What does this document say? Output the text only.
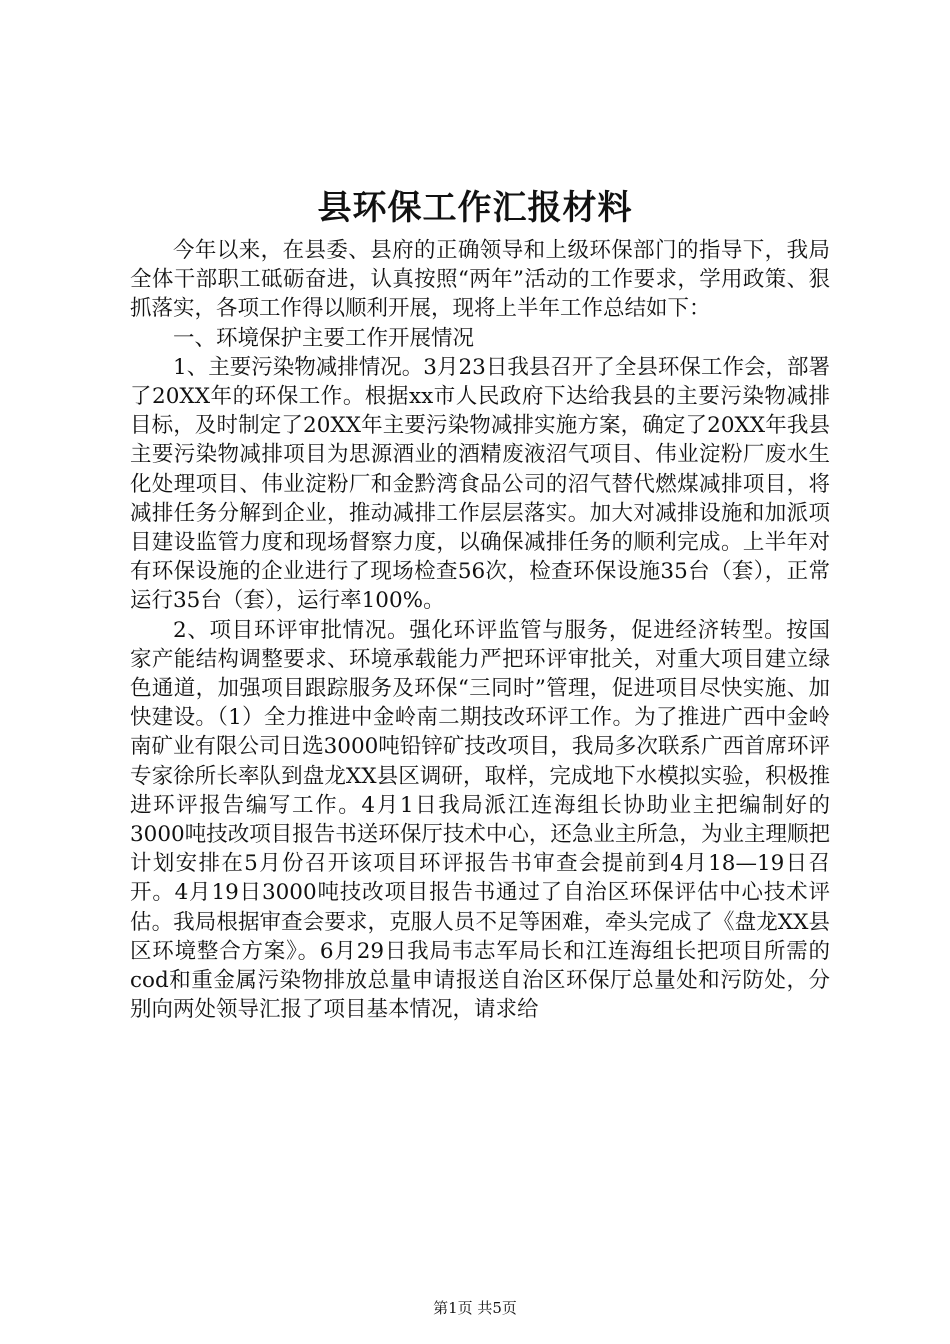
县环保工作汇报材料

今年以来，在县委、县府的正确领导和上级环保部门的指导下，我局全体干部职工砥砺奋进，认真按照“两年”活动的工作要求，学用政策、狠抓落实，各项工作得以顺利开展，现将上半年工作总结如下：

一、环境保护主要工作开展情况

1、主要污染物减排情况。3月23日我县召开了全县环保工作会，部署了20XX年的环保工作。根据xx市人民政府下达给我县的主要污染物减排目标，及时制定了20XX年主要污染物减排实施方案，确定了20XX年我县主要污染物减排项目为思源酒业的酒精废液沼气项目、伟业淀粉厂废水生化处理项目、伟业淀粉厂和金黔湾食品公司的沼气替代燃煤减排项目，将减排任务分解到企业，推动减排工作层层落实。加大对减排设施和加派项目建设监管力度和现场督察力度，以确保减排任务的顺利完成。上半年对有环保设施的企业进行了现场检查56次，检查环保设施35台（套），正常运行35台（套），运行率100%。

2、项目环评审批情况。强化环评监管与服务，促进经济转型。按国家产能结构调整要求、环境承载能力严把环评审批关，对重大项目建立绿色通道，加强项目跟踪服务及环保“三同时”管理，促进项目尽快实施、加快建设。（1）全力推进中金岭南二期技改环评工作。为了推进广西中金岭南矿业有限公司日选3000吨铅锌矿技改项目，我局多次联系广西首席环评专家徐所长率队到盘龙XX县区调研，取样，完成地下水模拟实验，积极推进环评报告编写工作。4月1日我局派江连海组长协助业主把编制好的3000吨技改项目报告书送环保厅技术中心，还急业主所急，为业主理顺把计划安排在5月份召开该项目环评报告书审查会提前到4月18—19日召开。4月19日3000吨技改项目报告书通过了自治区环保评估中心技术评估。我局根据审查会要求，克服人员不足等困难，牵头完成了《盘龙XX县区环境整合方案》。6月29日我局韦志军局长和江连海组长把项目所需的cod和重金属污染物排放总量申请报送自治区环保厅总量处和污防处，分别向两处领导汇报了项目基本情况，请求给

第1页 共5页
